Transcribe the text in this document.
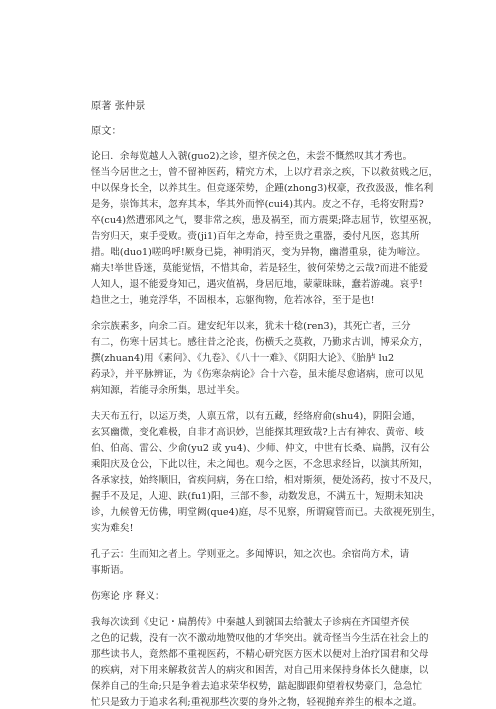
原著 张仲景
原文：
论曰．余每览越人入虢(guo2)之诊，望齐侯之色，未尝不慨然叹其才秀也。
怪当今居世之士，曾不留神医药，精究方术，上以疗君亲之疾，下以救贫贱之厄，
中以保身长全，以养其生。但竞逐荣势，企踵(zhong3)权豪，孜孜汲汲，惟名利
是务，崇饰其末，忽弃其本，华其外而悴(cui4)其内。皮之不存，毛将安附焉?
卒(cu4)然遭邪风之气，婴非常之疾，患及祸至，而方震栗;降志屈节，钦望巫祝，
告穷归天，束手受败。赍(ji1)百年之寿命，持至贵之重器，委付凡医，恣其所
措。咄(duo1)嗟呜呼!厥身已毙，神明消灭，变为异物，幽潜重泉，徒为啼泣。
痛夫!举世昏迷，莫能觉悟，不惜其命，若是轻生，彼何荣势之云哉?而进不能爱
人知人，退不能爱身知己，遇灾值祸，身居厄地，蒙蒙昧昧，蠢若游魂。哀乎!
趋世之士，驰竞浮华，不固根本，忘躯徇物，危若冰谷，至于是也!
余宗族素多，向余二百。建安纪年以来，犹未十稔(ren3)，其死亡者，三分
有二，伤寒十居其七。感往昔之沦丧，伤横夭之莫救，乃勤求古训，博采众方，
撰(zhuan4)用《素问》、《九卷》、《八十一难》、《阴阳大论》、《胎胪 lu2
药录》，并平脉辨证，为《伤寒杂病论》合十六卷，虽未能尽愈诸病，庶可以见
病知源，若能寻余所集，思过半矣。
夫天布五行，以运万类，人禀五常，以有五藏，经络府俞(shu4)，阴阳会通，
玄冥幽微，变化难极，自非才高识妙，岂能探其理致哉?上古有神农、黄帝、岐
伯、伯高、雷公、少俞(yu2 或 yu4)、少师、仲文，中世有长桑、扁鹊，汉有公
乘阳庆及仓公，下此以往，未之闻也。观今之医，不念思求经旨，以演其所知，
各承家技，始终顺旧，省疾问病，务在口给，相对斯须，便处汤药，按寸不及尺，
握手不及足，人迎、趺(fu1)阳，三部不参，动数发息，不满五十，短期未知决
诊，九候曾无仿佛，明堂阙(que4)庭，尽不见察，所谓窥管而已。夫欲视死别生，
实为难矣!
孔子云：生而知之者上。学则亚之。多闻博识，知之次也。余宿尚方术，请
事斯语。
伤寒论 序 释义：
我每次读到《史记・扁鹊传》中秦越人到虢国去给虢太子诊病在齐国望齐侯
之色的记载，没有一次不激动地赞叹他的才华突出。就奇怪当今生活在社会上的
那些读书人，竟然都不重视医药，不精心研究医方医术以便对上治疗国君和父母
的疾病，对下用来解救贫苦人的病灾和困苦，对自己用来保持身体长久健康，以
保养自己的生命;只是争着去追求荣华权势，踮起脚跟仰望着权势豪门，急急忙
忙只是致力于追求名利;重视那些次要的身外之物，轻视抛弃养生的根本之道。
